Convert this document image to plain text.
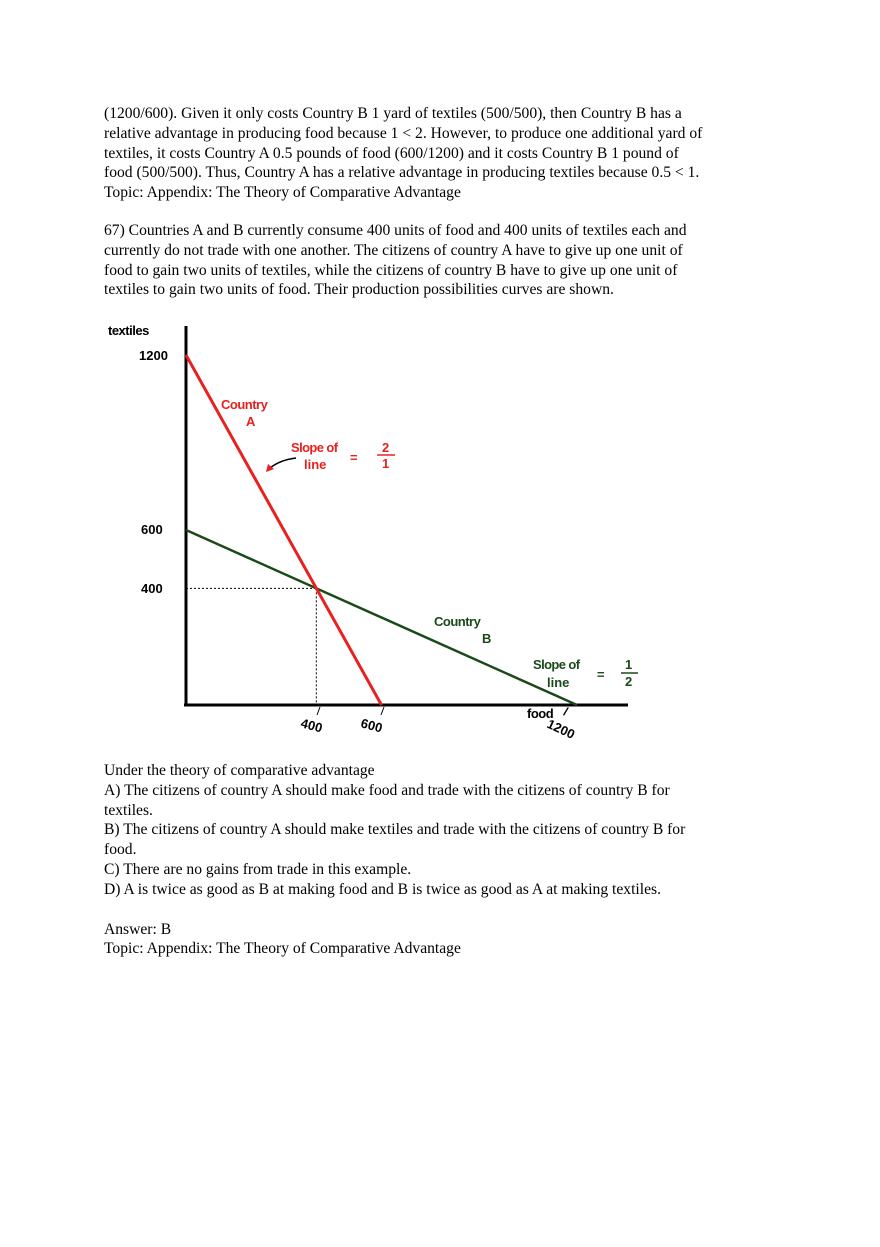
(1200/600). Given it only costs Country B 1 yard of textiles (500/500), then Country B has a

relative advantage in producing food because 1 < 2. However, to produce one additional yard of

textiles, it costs Country A 0.5 pounds of food (600/1200) and it costs Country B 1 pound of

food (500/500). Thus, Country A has a relative advantage in producing textiles because 0.5 < 1.

Topic: Appendix: The Theory of Comparative Advantage

67) Countries A and B currently consume 400 units of food and 400 units of textiles each and

currently do not trade with one another. The citizens of country A have to give up one unit of

food to gain two units of textiles, while the citizens of country B have to give up one unit of

textiles to gain two units of food. Their production possibilities curves are shown.

textiles
food /
1200
600
400
400	600	1200
Country
A
Slope of
line =
2
1
Country
B
Slope of
line
=
1
2

Under the theory of comparative advantage

A) The citizens of country A should make food and trade with the citizens of country B for

textiles.

B) The citizens of country A should make textiles and trade with the citizens of country B for

food.

C) There are no gains from trade in this example.

D) A is twice as good as B at making food and B is twice as good as A at making textiles.

Answer: B

Topic: Appendix: The Theory of Comparative Advantage
